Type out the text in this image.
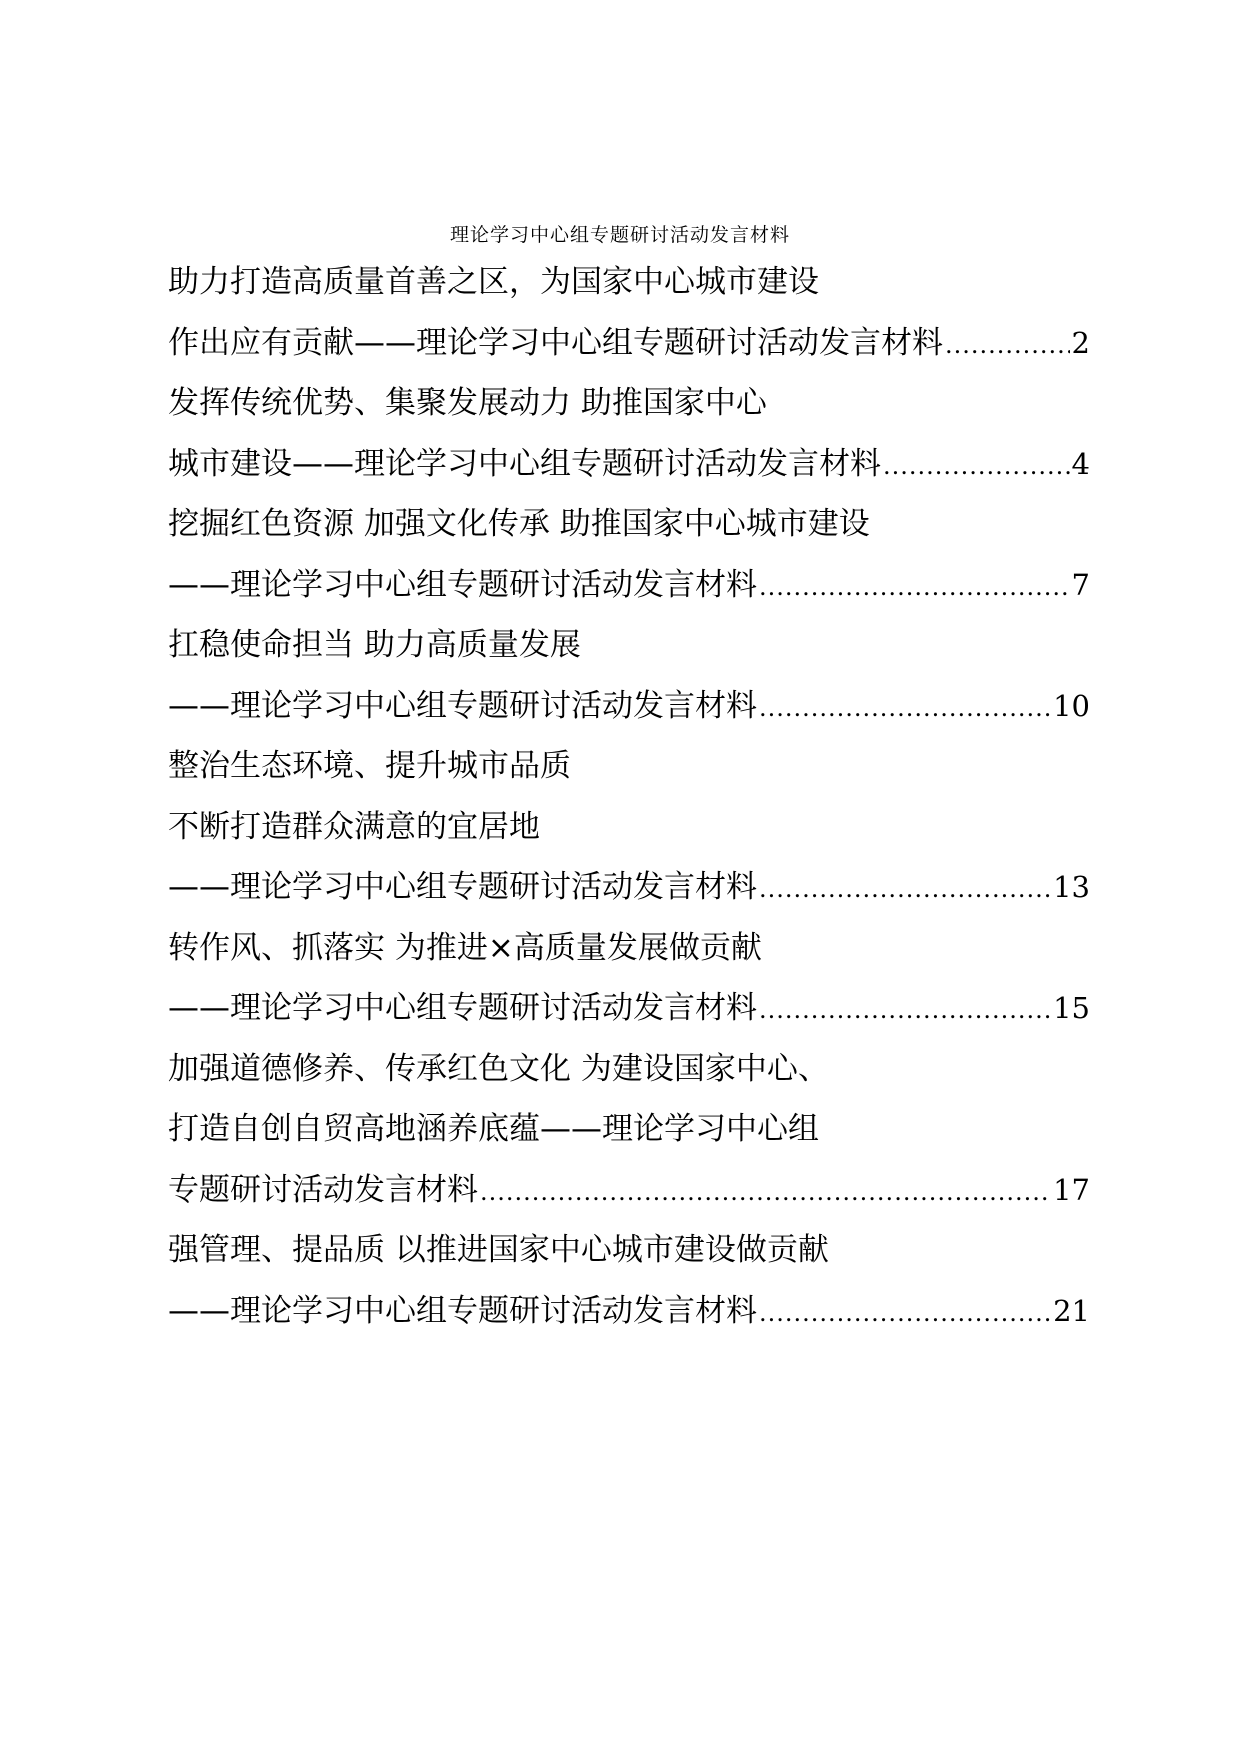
理论学习中心组专题研讨活动发言材料
助力打造高质量首善之区，为国家中心城市建设
作出应有贡献——理论学习中心组专题研讨活动发言材料 .....	2
发挥传统优势、集聚发展动力 助推国家中心
城市建设——理论学习中心组专题研讨活动发言材料 .....	4
挖掘红色资源 加强文化传承 助推国家中心城市建设
——理论学习中心组专题研讨活动发言材料 .....	7
扛稳使命担当 助力高质量发展
——理论学习中心组专题研讨活动发言材料 .....	10
整治生态环境、提升城市品质
不断打造群众满意的宜居地
——理论学习中心组专题研讨活动发言材料 .....	13
转作风、抓落实 为推进×高质量发展做贡献
——理论学习中心组专题研讨活动发言材料 .....	15
加强道德修养、传承红色文化 为建设国家中心、
打造自创自贸高地涵养底蕴——理论学习中心组
专题研讨活动发言材料 .....	17
强管理、提品质 以推进国家中心城市建设做贡献
——理论学习中心组专题研讨活动发言材料 .....	21
